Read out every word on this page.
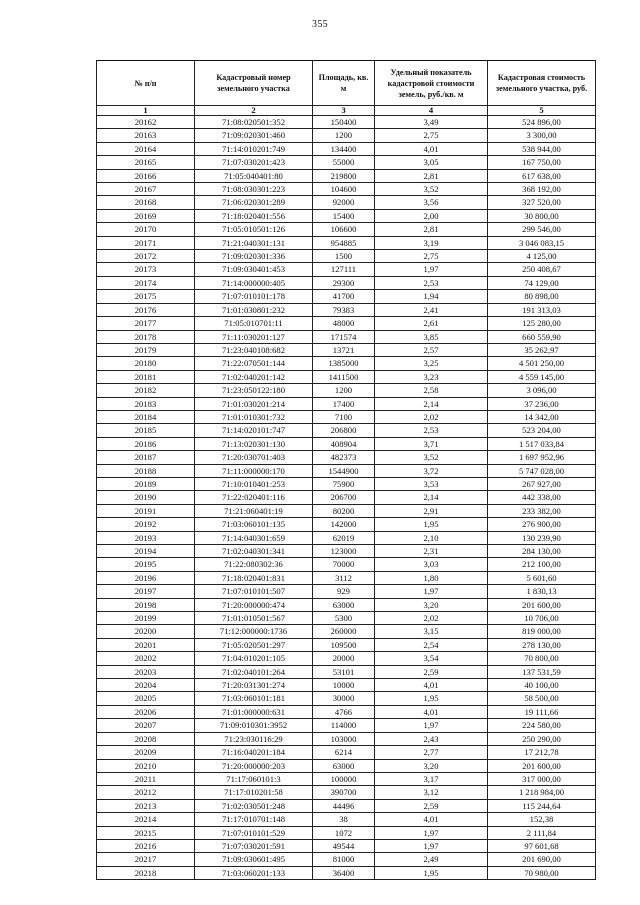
355
№ п/п	Кадастровый номер земельного участка	Площадь, кв. м	Удельный показатель кадастровой стоимости земель, руб./кв. м	Кадастровая стоимость земельного участка, руб.
1	2	3	4	5
20162	71:08:020501:352	150400	3,49	524 896,00
20163	71:09:020301:460	1200	2,75	3 300,00
20164	71:14:010201:749	134400	4,01	538 944,00
20165	71:07:030201:423	55000	3,05	167 750,00
20166	71:05:040401:80	219800	2,81	617 638,00
20167	71:08:030301:223	104600	3,52	368 192,00
20168	71:06:020301:289	92000	3,56	327 520,00
20169	71:18:020401:556	15400	2,00	30 800,00
20170	71:05:010501:126	106600	2,81	299 546,00
20171	71:21:040301:131	954885	3,19	3 046 083,15
20172	71:09:020301:336	1500	2,75	4 125,00
20173	71:09:030401:453	127111	1,97	250 408,67
20174	71:14:000000:405	29300	2,53	74 129,00
20175	71:07:010101:178	41700	1,94	80 898,00
20176	71:01:030801:232	79383	2,41	191 313,03
20177	71:05:010701:11	48000	2,61	125 280,00
20178	71:11:030201:127	171574	3,85	660 559,90
20179	71:23:040108:682	13721	2,57	35 262,97
20180	71:22:070501:144	1385000	3,25	4 501 250,00
20181	71:02:040201:142	1411500	3,23	4 559 145,00
20182	71:23:050122:180	1200	2,58	3 096,00
20183	71:01:030201:214	17400	2,14	37 236,00
20184	71:01:010301:732	7100	2,02	14 342,00
20185	71:14:020101:747	206800	2,53	523 204,00
20186	71:13:020301:130	408904	3,71	1 517 033,84
20187	71:20:030701:403	482373	3,52	1 697 952,96
20188	71:11:000000:170	1544900	3,72	5 747 028,00
20189	71:10:010401:253	75900	3,53	267 927,00
20190	71:22:020401:116	206700	2,14	442 338,00
20191	71:21:060401:19	80200	2,91	233 382,00
20192	71:03:060101:135	142000	1,95	276 900,00
20193	71:14:040301:659	62019	2,10	130 239,90
20194	71:02:040301:341	123000	2,31	284 130,00
20195	71:22:080302:36	70000	3,03	212 100,00
20196	71:18:020401:831	3112	1,80	5 601,60
20197	71:07:010101:507	929	1,97	1 830,13
20198	71:20:000000:474	63000	3,20	201 600,00
20199	71:01:010501:567	5300	2,02	10 706,00
20200	71:12:000000:1736	260000	3,15	819 000,00
20201	71:05:020501:297	109500	2,54	278 130,00
20202	71:04:010201:105	20000	3,54	70 800,00
20203	71:02:040101:264	53101	2,59	137 531,59
20204	71:20:031301:274	10000	4,01	40 100,00
20205	71:03:060101:181	30000	1,95	58 500,00
20206	71:01:000000:631	4766	4,01	19 111,66
20207	71:09:010301:3952	114000	1,97	224 580,00
20208	71:23:030116:29	103000	2,43	250 290,00
20209	71:16:040201:184	6214	2,77	17 212,78
20210	71:20:000000:203	63000	3,20	201 600,00
20211	71:17:060101:3	100000	3,17	317 000,00
20212	71:17:010201:58	390700	3,12	1 218 984,00
20213	71:02:030501:248	44496	2,59	115 244,64
20214	71:17:010701:148	38	4,01	152,38
20215	71:07:010101:529	1072	1,97	2 111,84
20216	71:07:030201:591	49544	1,97	97 601,68
20217	71:09:030601:495	81000	2,49	201 690,00
20218	71:03:060201:133	36400	1,95	70 980,00
